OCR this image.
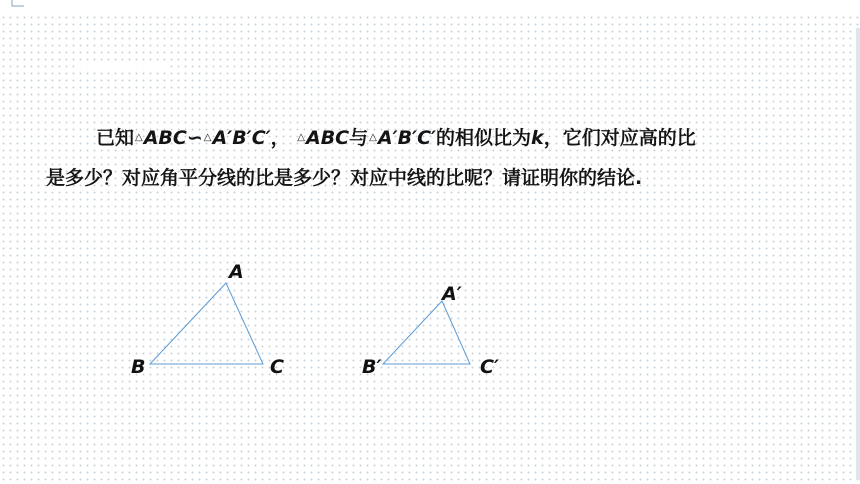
已知△ABC∽△A′B′C′， △ABC与△A′B′C′的相似比为k，它们对应高的比
是多少？对应角平分线的比是多少？对应中线的比呢？请证明你的结论.
A
B	C
A′
B′	C′
